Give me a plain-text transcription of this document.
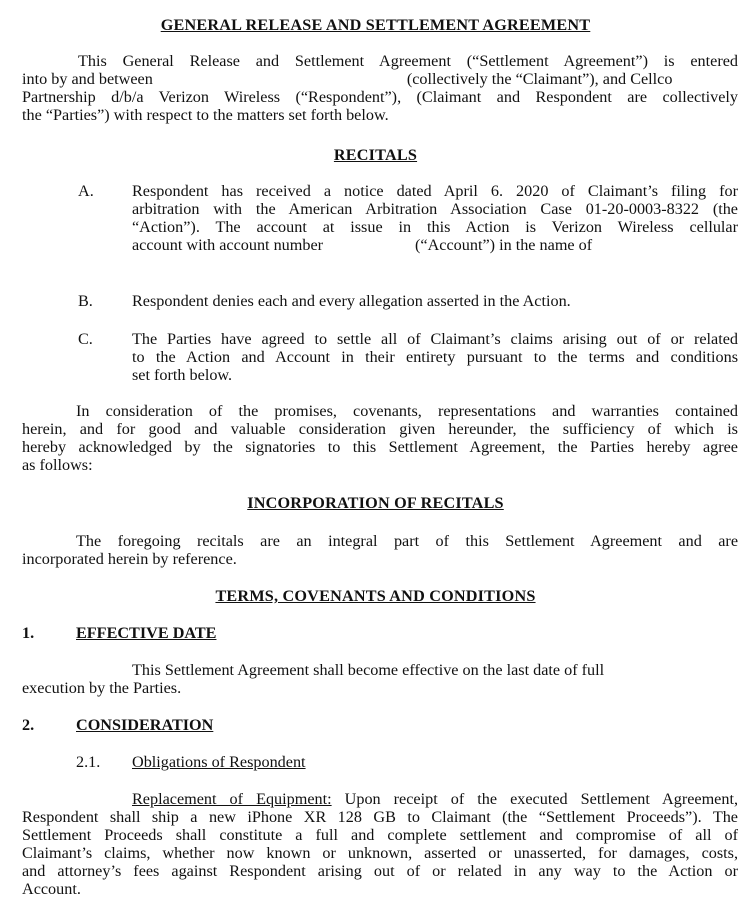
GENERAL RELEASE AND SETTLEMENT AGREEMENT
This General Release and Settlement Agreement (“Settlement Agreement”) is entered
into by and between	(collectively the “Claimant”), and Cellco
Partnership d/b/a Verizon Wireless (“Respondent”), (Claimant and Respondent are collectively
the “Parties”) with respect to the matters set forth below.
RECITALS
A. Respondent has received a notice dated April 6. 2020 of Claimant’s filing for
arbitration with the American Arbitration Association Case 01-20-0003-8322 (the
“Action”). The account at issue in this Action is Verizon Wireless cellular
account with account number	(“Account”) in the name of
B. Respondent denies each and every allegation asserted in the Action.
C. The Parties have agreed to settle all of Claimant’s claims arising out of or related
to the Action and Account in their entirety pursuant to the terms and conditions
set forth below.
In consideration of the promises, covenants, representations and warranties contained
herein, and for good and valuable consideration given hereunder, the sufficiency of which is
hereby acknowledged by the signatories to this Settlement Agreement, the Parties hereby agree
as follows:
INCORPORATION OF RECITALS
The foregoing recitals are an integral part of this Settlement Agreement and are
incorporated herein by reference.
TERMS, COVENANTS AND CONDITIONS
1.	EFFECTIVE DATE
This Settlement Agreement shall become effective on the last date of full
execution by the Parties.
2.	CONSIDERATION
2.1. Obligations of Respondent
Replacement of Equipment: Upon receipt of the executed Settlement Agreement,
Respondent shall ship a new iPhone XR 128 GB to Claimant (the “Settlement Proceeds”). The
Settlement Proceeds shall constitute a full and complete settlement and compromise of all of
Claimant’s claims, whether now known or unknown, asserted or unasserted, for damages, costs,
and attorney’s fees against Respondent arising out of or related in any way to the Action or
Account.
